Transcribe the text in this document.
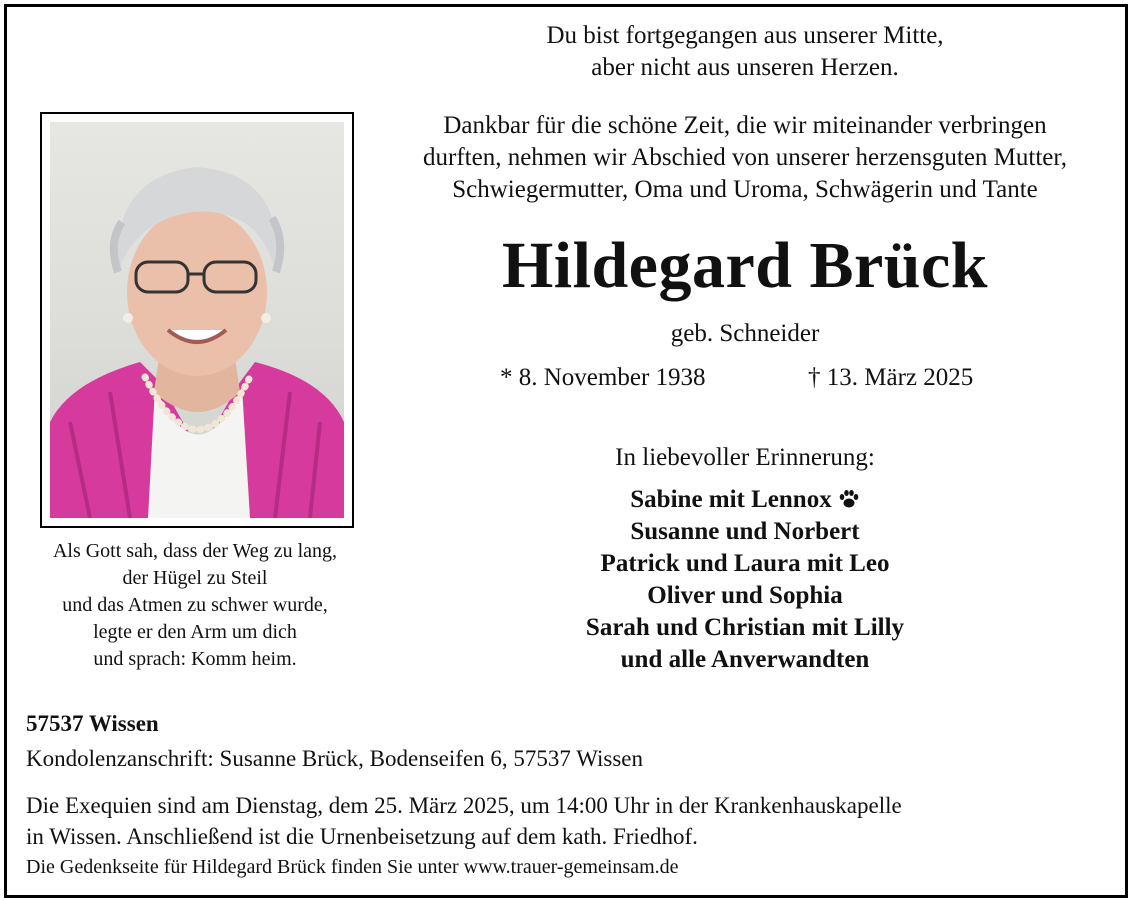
Du bist fortgegangen aus unserer Mitte,
aber nicht aus unseren Herzen.
Dankbar für die schöne Zeit, die wir miteinander verbringen
durften, nehmen wir Abschied von unserer herzensguten Mutter,
Schwiegermutter, Oma und Uroma, Schwägerin und Tante
Hildegard Brück
geb. Schneider
* 8. November 1938	† 13. März 2025
In liebevoller Erinnerung:
Sabine mit Lennox
Susanne und Norbert
Patrick und Laura mit Leo
Oliver und Sophia
Sarah und Christian mit Lilly
und alle Anverwandten
Als Gott sah, dass der Weg zu lang,
der Hügel zu Steil
und das Atmen zu schwer wurde,
legte er den Arm um dich
und sprach: Komm heim.
57537 Wissen
Kondolenzanschrift: Susanne Brück, Bodenseifen 6, 57537 Wissen
Die Exequien sind am Dienstag, dem 25. März 2025, um 14:00 Uhr in der Krankenhauskapelle
in Wissen. Anschließend ist die Urnenbeisetzung auf dem kath. Friedhof.
Die Gedenkseite für Hildegard Brück finden Sie unter www.trauer-gemeinsam.de
